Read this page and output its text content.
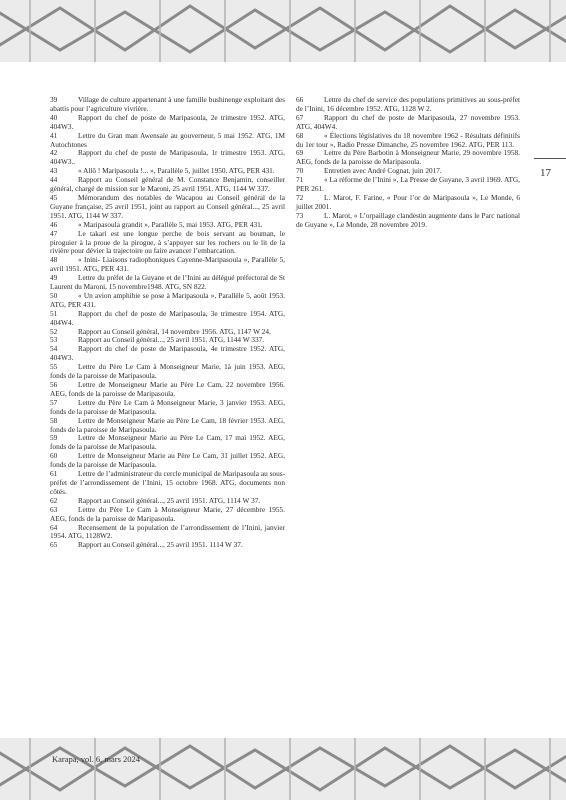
17

39	Village de culture appartenant à une famille bushinenge exploitant des abattis pour l’agriculture vivrière.

40	Rapport du chef de poste de Maripasoula, 2e trimestre 1952. ATG, 404W3.

41	Lettre du Gran man Awensaïe au gouverneur, 5 mai 1952. ATG, 1M Autochtones

42	Rapport du chef de poste de Maripasoula, 1r trimestre 1953. ATG, 404W3..

43	« Allô ! Maripasoula !... », Parallèle 5, juillet 1950. ATG, PER 431.

44	Rapport au Conseil général de M. Constance Benjamin, conseiller général, chargé de mission sur le Maroni, 25 avril 1951. ATG, 1144 W 337.

45	Mémorandum des notables de Wacapou au Conseil général de la Guyane française, 25 avril 1951, joint au rapport au Conseil général..., 25 avril 1951. ATG, 1144 W 337.

46	« Maripasoula grandit », Parallèle 5, mai 1953. ATG, PER 431.

47	Le takari est une longue perche de bois servant au bouman, le piroguier à la proue de la pirogue, à s’appuyer sur les rochers ou le lit de la rivière pour dévier la trajectoire ou faire avancer l’embarcation.

48	« Inini- Liaisons radiophoniques Cayenne-Maripasoula », Parallèle 5, avril 1951. ATG, PER 431.

49	Lettre du préfet de la Guyane et de l’Inini au délégué préfectoral de St Laurent du Maroni, 15 novembre1948. ATG, SN 822.

50	« Un avion amphibie se pose à Maripasoula », Parallèle 5, août 1953. ATG, PER 431.

51	Rapport du chef de poste de Maripasoula, 3e trimestre 1954. ATG, 404W4.

52	Rapport au Conseil général, 14 novembre 1956. ATG, 1147 W 24.

53	Rapport au Conseil général..., 25 avril 1951. ATG, 1144 W 337.

54	Rapport du chef de poste de Maripasoula, 4e trimestre 1952. ATG, 404W3.

55	Lettre du Père Le Cam à Monseigneur Marie, 1à juin 1953. AEG, fonds de la paroisse de Maripasoula.

56	Lettre de Monseigneur Marie au Père Le Cam, 22 novembre 1956. AEG, fonds de la paroisse de Maripasoula.

57	Lettre du Père Le Cam à Monseigneur Marie, 3 janvier 1953. AEG, fonds de la paroisse de Maripasoula.

58	Lettre de Monseigneur Marie au Père Le Cam, 18 février 1953. AEG, fonds de la paroisse de Maripasoula.

59	Lettre de Monseigneur Marie au Père Le Cam, 17 mai 1952. AEG, fonds de la paroisse de Maripasoula.

60	Lettre de Monseigneur Marie au Père Le Cam, 31 juillet 1952. AEG, fonds de la paroisse de Maripasoula.

61	Lettre de l’administrateur du cercle municipal de Maripasoula au sous-préfet de l’arrondissement de l’Inini, 15 octobre 1968. ATG, documents non côtés.

62	Rapport au Conseil général..., 25 avril 1951. ATG, 1114 W 37.

63	Lettre du Père Le Cam à Monseigneur Marie, 27 décembre 1955. AEG, fonds de la paroisse de Maripasoula.

64	Recensement de la population de l’arrondissement de l’Inini, janvier 1954. ATG, 1128W2.

65	Rapport au Conseil général..., 25 avril 1951. 1114 W 37.

66	Lettre du chef de service des populations primitives au sous-préfet de l’Inini, 16 décembre 1952. ATG, 1128 W 2.

67	Rapport du chef de poste de Maripasoula, 27 novembre 1953. ATG, 404W4.

68	« Élections législatives du 18 novembre 1962 - Résultats définitifs du 1er tour », Radio Presse Dimanche, 25 novembre 1962. ATG, PER 113.

69	Lettre du Père Barbotin à Monseigneur Marie, 29 novembre 1958. AEG, fonds de la paroisse de Maripasoula.

70	Entretien avec André Cognat, juin 2017.

71	« La réforme de l’Inini », La Presse de Guyane, 3 avril 1969. ATG, PER 261.

72	L. Marot, F. Farine, « Pour l’or de Maripasoula », Le Monde, 6 juillet 2001.

73	L. Marot, « L’orpaillage clandestin augmente dans le Parc national de Guyane », Le Monde, 28 novembre 2019.

Karapa, vol. 6, mars 2024
